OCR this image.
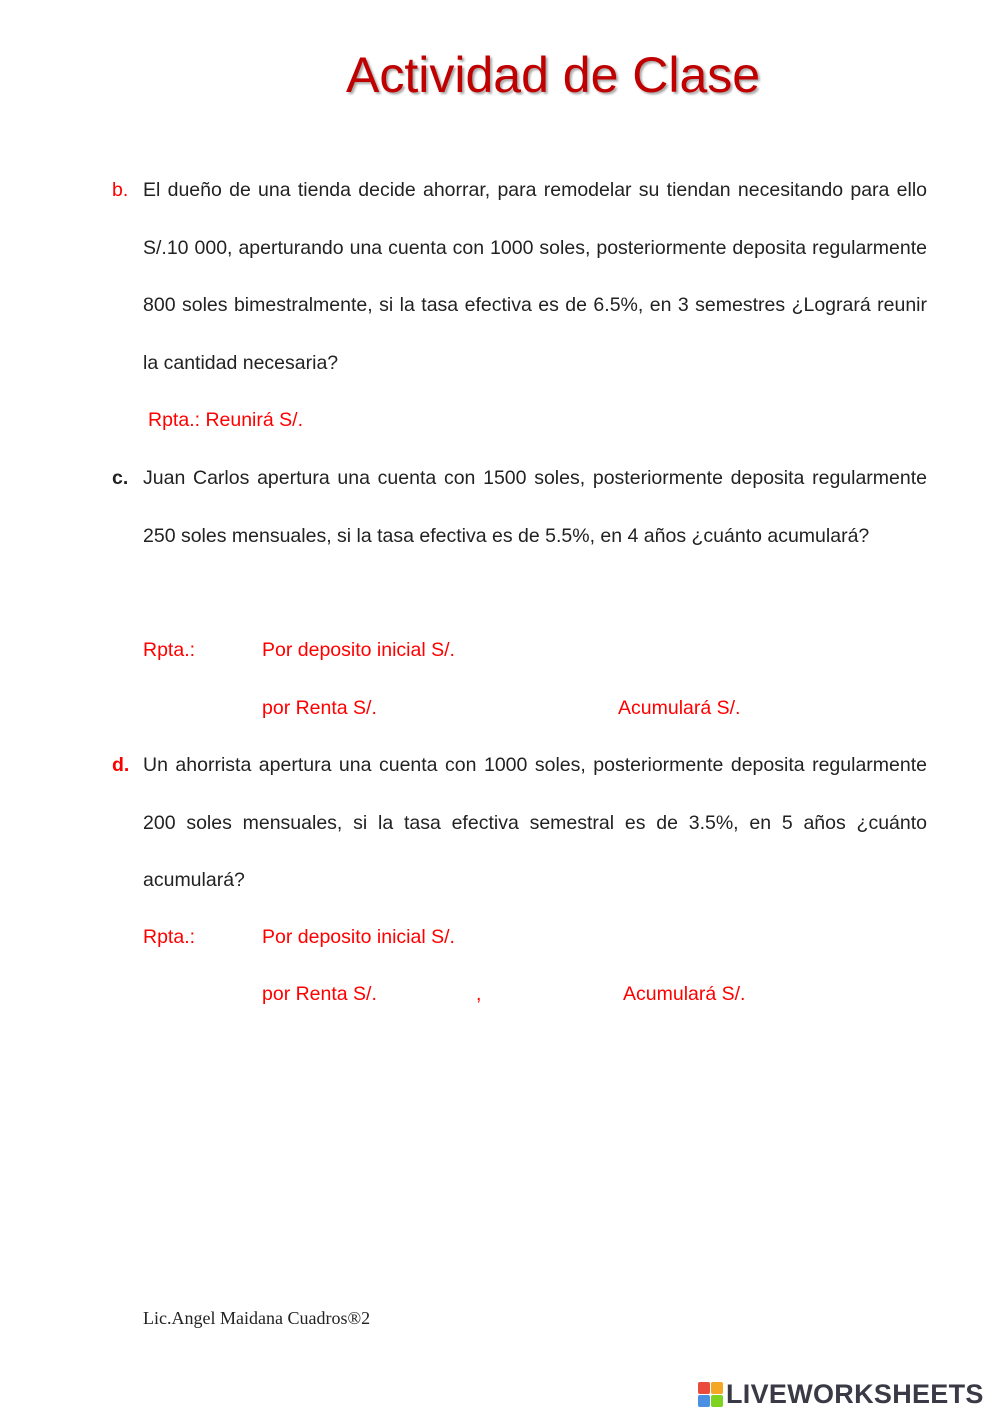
Actividad de Clase
b. El dueño de una tienda decide ahorrar, para remodelar su tiendan necesitando para ello S/.10 000, aperturando una cuenta con 1000 soles, posteriormente deposita regularmente 800 soles bimestralmente, si la tasa efectiva es de 6.5%, en 3 semestres ¿Logrará reunir la cantidad necesaria?
Rpta.: Reunirá S/.
c. Juan Carlos apertura una cuenta con 1500 soles, posteriormente deposita regularmente 250 soles mensuales, si la tasa efectiva es de 5.5%, en 4 años ¿cuánto acumulará?
Rpta.:	Por deposito inicial S/.
por Renta S/.	Acumulará S/.
d. Un ahorrista apertura una cuenta con 1000 soles, posteriormente deposita regularmente 200 soles mensuales, si la tasa efectiva semestral es de 3.5%, en 5 años ¿cuánto acumulará?
Rpta.:	Por deposito inicial S/.
por Renta S/.	,	Acumulará S/.
Lic.Angel Maidana Cuadros®2
LIVEWORKSHEETS
